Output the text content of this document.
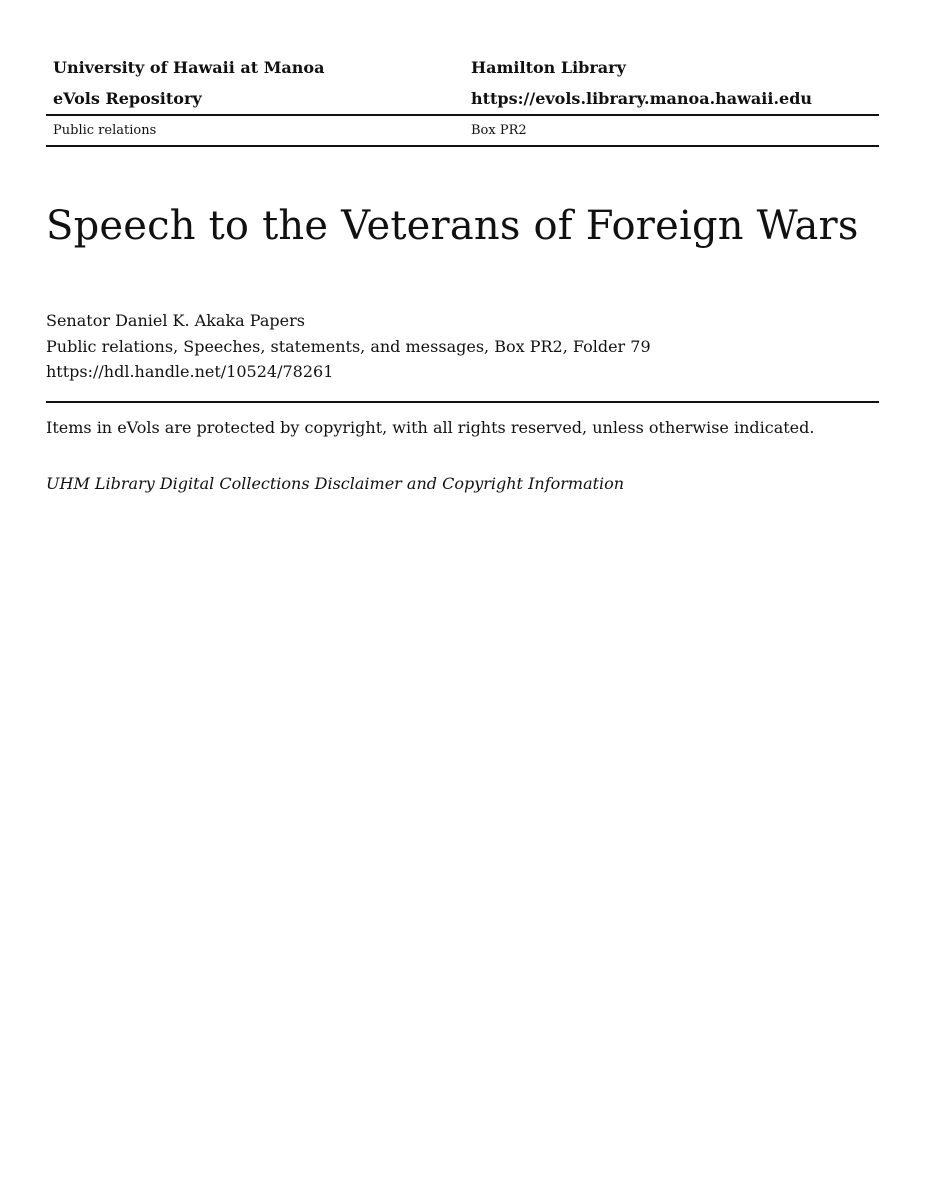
University of Hawaii at Manoa	Hamilton Library
eVols Repository	https://evols.library.manoa.hawaii.edu
Public relations	Box PR2
Speech to the Veterans of Foreign Wars
Senator Daniel K. Akaka Papers
Public relations, Speeches, statements, and messages, Box PR2, Folder 79
https://hdl.handle.net/10524/78261
Items in eVols are protected by copyright, with all rights reserved, unless otherwise indicated.
UHM Library Digital Collections Disclaimer and Copyright Information
